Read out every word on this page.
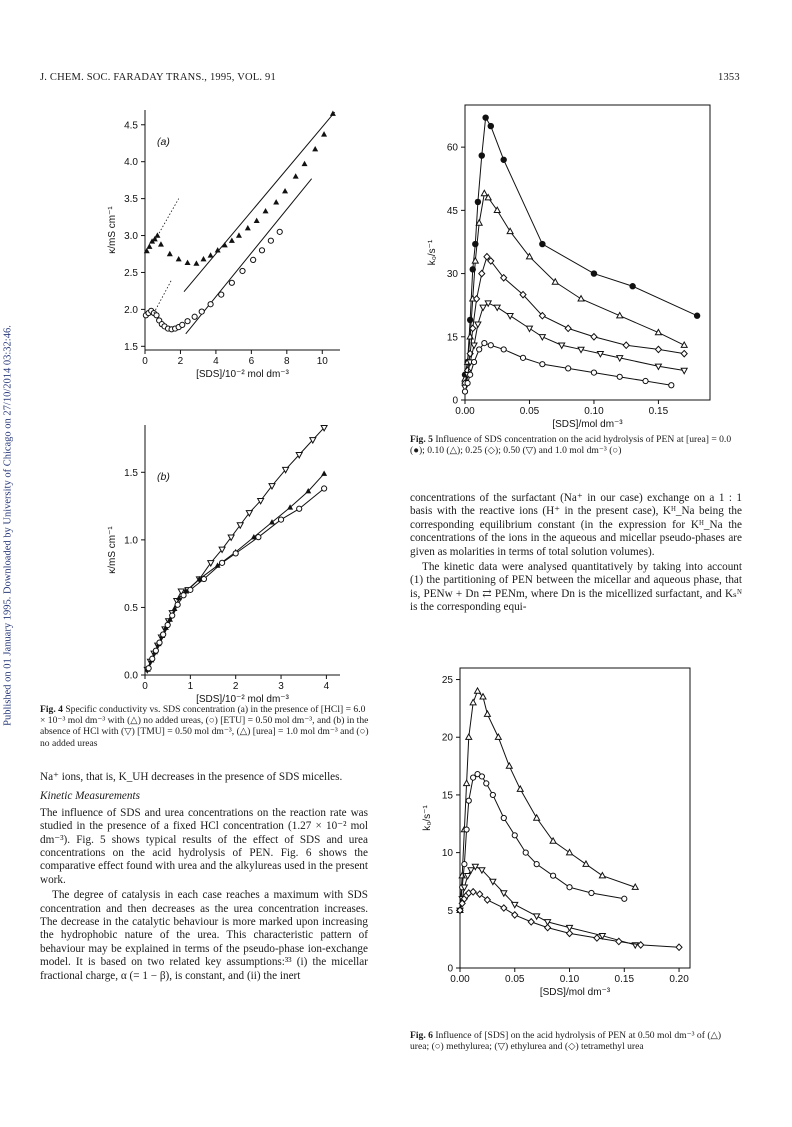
J. CHEM. SOC. FARADAY TRANS., 1995, VOL. 91	1353
Published on 01 January 1995. Downloaded by University of Chicago on 27/10/2014 03:32:46.	0	2	4	6	8	10
1.5
2.0
2.5
3.0
3.5
4.0
4.5
[SDS]/10⁻² mol dm⁻³
κ/mS cm⁻¹
(a)
0	1	2	3	4
0.0
0.5
1.0
1.5
[SDS]/10⁻² mol dm⁻³
κ/mS cm⁻¹
(b)
Fig. 4 Specific conductivity vs. SDS concentration (a) in the presence of [HCl] = 6.0 × 10⁻³ mol dm⁻³ with (△) no added ureas, (○) [ETU] = 0.50 mol dm⁻³, and (b) in the absence of HCl with (▽) [TMU] = 0.50 mol dm⁻³, (△) [urea] = 1.0 mol dm⁻³ and (○) no added ureas

Na⁺ ions, that is, K_UH decreases in the presence of SDS micelles.

Kinetic Measurements

The influence of SDS and urea concentrations on the reaction rate was studied in the presence of a fixed HCl concentration (1.27 × 10⁻² mol dm⁻³). Fig. 5 shows typical results of the effect of SDS and urea concentrations on the acid hydrolysis of PEN. Fig. 6 shows the comparative effect found with urea and the alkylureas used in the present work.

The degree of catalysis in each case reaches a maximum with SDS concentration and then decreases as the urea concentration increases. The decrease in the catalytic behaviour is more marked upon increasing the hydrophobic nature of the urea. This characteristic pattern of behaviour may be explained in terms of the pseudo-phase ion-exchange model. It is based on two related key assumptions:³³ (i) the micellar fractional charge, α (= 1 − β), is constant, and (ii) the inert

0.00	0.05	0.10	0.15
0
15
30
45
60
[SDS]/mol dm⁻³
k₀/s⁻¹
Fig. 5 Influence of SDS concentration on the acid hydrolysis of PEN at [urea] = 0.0 (●); 0.10 (△); 0.25 (◇); 0.50 (▽) and 1.0 mol dm⁻³ (○)

concentrations of the surfactant (Na⁺ in our case) exchange on a 1 : 1 basis with the reactive ions (H⁺ in the present case), Kᴴ_Na being the corresponding equilibrium constant (in the expression for Kᴴ_Na the concentrations of the ions in the aqueous and micellar pseudo-phases are given as molarities in terms of total solution volumes).

The kinetic data were analysed quantitatively by taking into account (1) the partitioning of PEN between the micellar and aqueous phase, that is, PENw + Dn ⇄ PENm, where Dn is the micellized surfactant, and Kₛᴺ is the corresponding equi-

0.00	0.05	0.10	0.15	0.20
0
5
10
15
20
25
[SDS]/mol dm⁻³
k₀/s⁻¹
Fig. 6 Influence of [SDS] on the acid hydrolysis of PEN at 0.50 mol dm⁻³ of (△) urea; (○) methylurea; (▽) ethylurea and (◇) tetramethyl urea
